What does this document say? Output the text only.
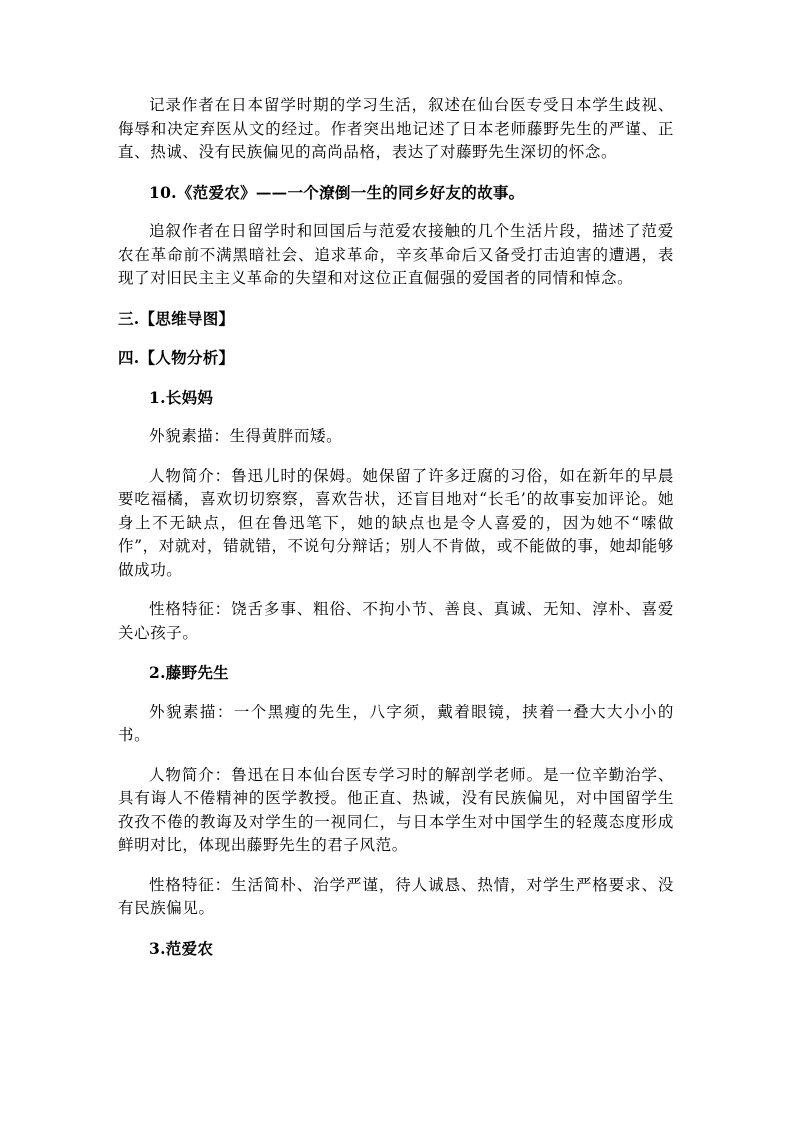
记录作者在日本留学时期的学习生活，叙述在仙台医专受日本学生歧视、侮辱和决定弃医从文的经过。作者突出地记述了日本老师藤野先生的严谨、正直、热诚、没有民族偏见的高尚品格，表达了对藤野先生深切的怀念。

10.《范爱农》——一个潦倒一生的同乡好友的故事。

追叙作者在日留学时和回国后与范爱农接触的几个生活片段，描述了范爱农在革命前不满黑暗社会、追求革命，辛亥革命后又备受打击迫害的遭遇，表现了对旧民主主义革命的失望和对这位正直倔强的爱国者的同情和悼念。

三.【思维导图】

四.【人物分析】

1.长妈妈

外貌素描：生得黄胖而矮。

人物简介：鲁迅儿时的保姆。她保留了许多迂腐的习俗，如在新年的早晨要吃福橘，喜欢切切察察，喜欢告状，还盲目地对“长毛’的故事妄加评论。她身上不无缺点，但在鲁迅笔下，她的缺点也是令人喜爱的，因为她不“嗦做作”，对就对，错就错，不说句分辩话；别人不肯做，或不能做的事，她却能够做成功。

性格特征：饶舌多事、粗俗、不拘小节、善良、真诚、无知、淳朴、喜爱关心孩子。

2.藤野先生

外貌素描：一个黑瘦的先生，八字须，戴着眼镜，挟着一叠大大小小的书。

人物简介：鲁迅在日本仙台医专学习时的解剖学老师。是一位辛勤治学、具有诲人不倦精神的医学教授。他正直、热诚，没有民族偏见，对中国留学生孜孜不倦的教诲及对学生的一视同仁，与日本学生对中国学生的轻蔑态度形成鲜明对比，体现出藤野先生的君子风范。

性格特征：生活简朴、治学严谨，待人诚恳、热情，对学生严格要求、没有民族偏见。

3.范爱农
